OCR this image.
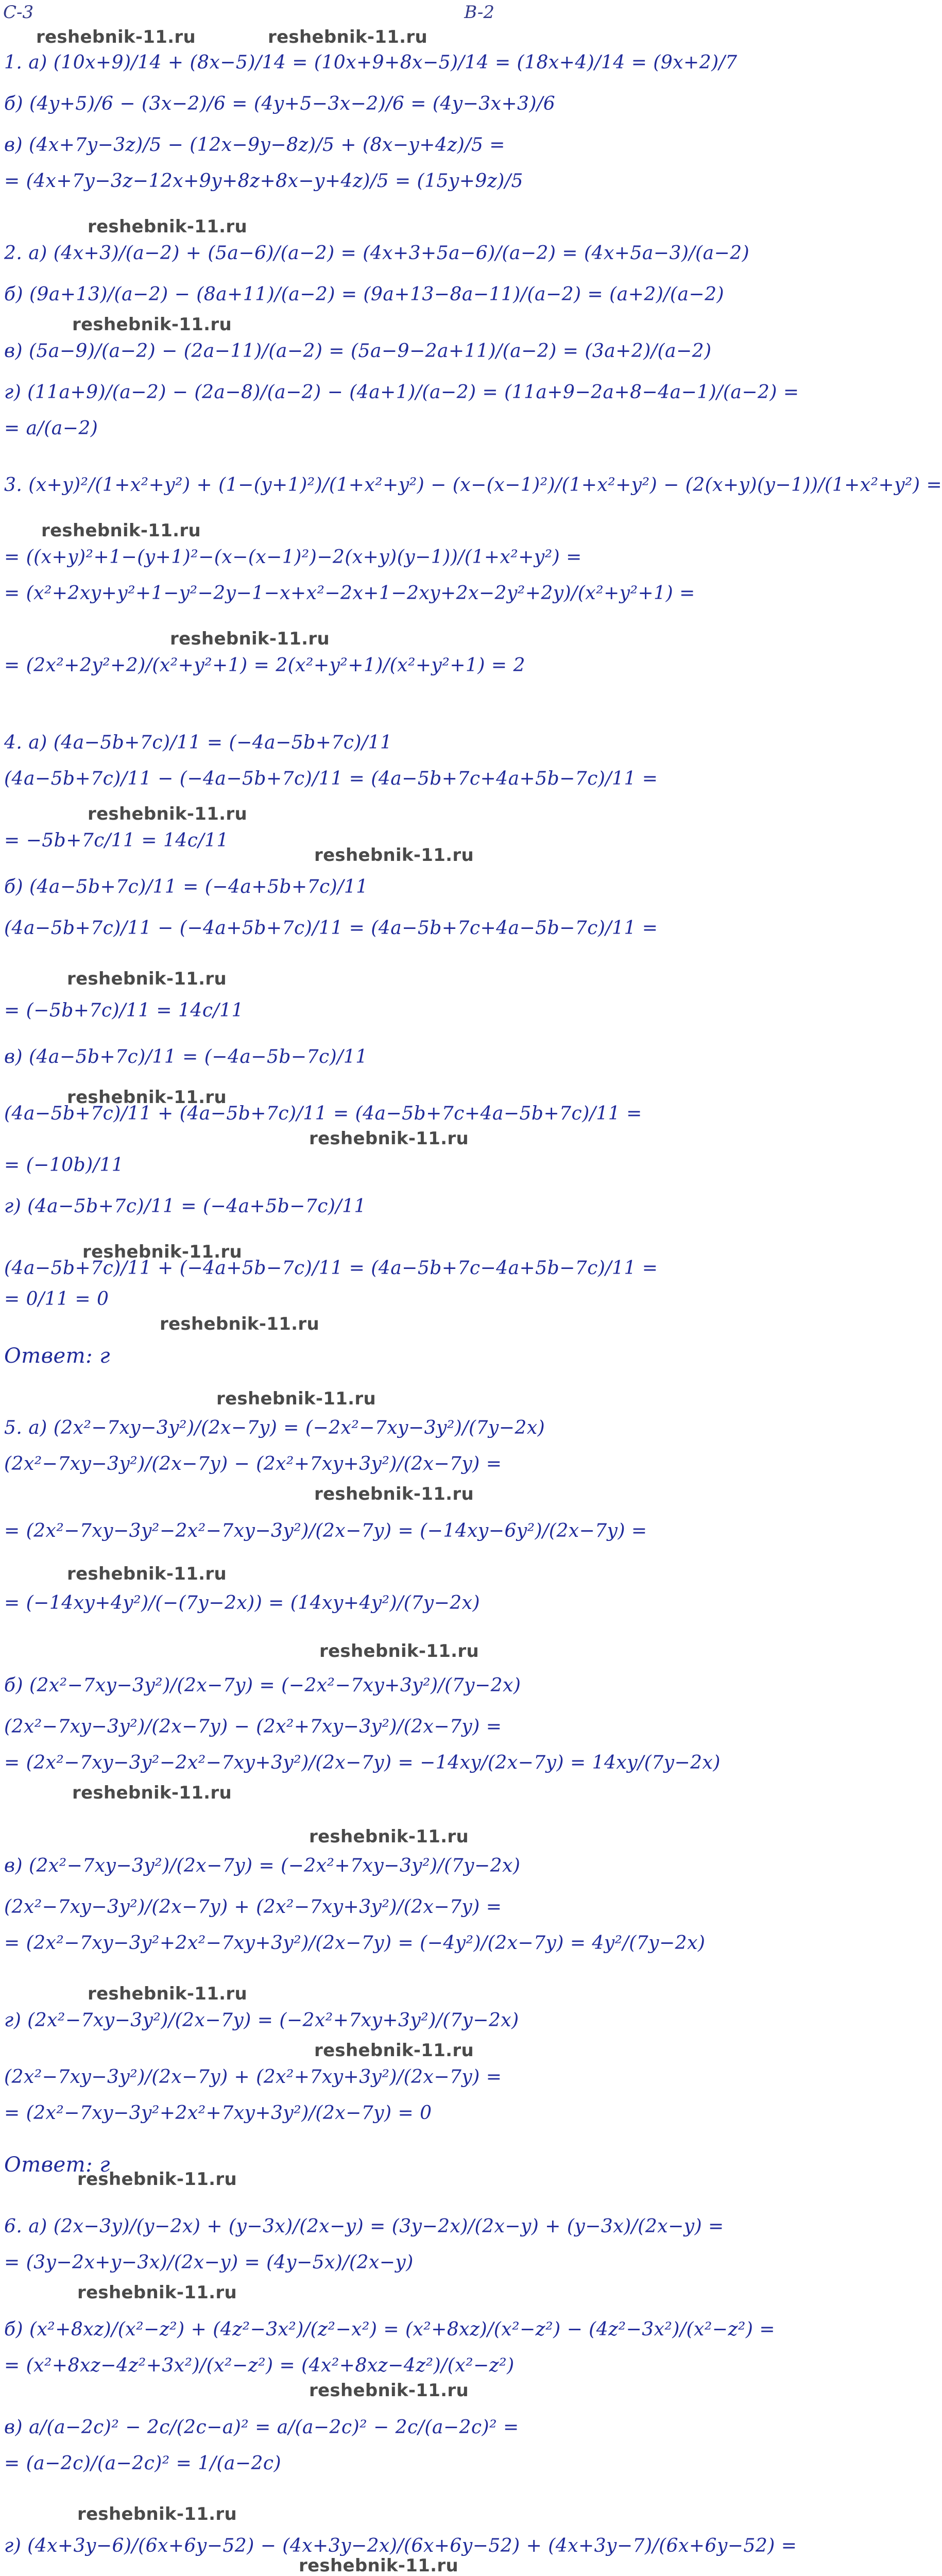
C-3	B-2
reshebnik-11.ru	reshebnik-11.ru
reshebnik-11.ru
reshebnik-11.ru
reshebnik-11.ru
reshebnik-11.ru
reshebnik-11.ru
reshebnik-11.ru
reshebnik-11.ru
reshebnik-11.ru
reshebnik-11.ru
reshebnik-11.ru
reshebnik-11.ru
reshebnik-11.ru
reshebnik-11.ru
reshebnik-11.ru
reshebnik-11.ru
reshebnik-11.ru
reshebnik-11.ru
reshebnik-11.ru
reshebnik-11.ru
reshebnik-11.ru
reshebnik-11.ru
reshebnik-11.ru
reshebnik-11.ru
reshebnik-11.ru
1. а) (10x+9)/14 + (8x−5)/14 = (10x+9+8x−5)/14 = (18x+4)/14 = (9x+2)/7
б) (4y+5)/6 − (3x−2)/6 = (4y+5−3x−2)/6 = (4y−3x+3)/6
в) (4x+7y−3z)/5 − (12x−9y−8z)/5 + (8x−y+4z)/5 =
= (4x+7y−3z−12x+9y+8z+8x−y+4z)/5 = (15y+9z)/5
2. а) (4x+3)/(a−2) + (5a−6)/(a−2) = (4x+3+5a−6)/(a−2) = (4x+5a−3)/(a−2)
б) (9a+13)/(a−2) − (8a+11)/(a−2) = (9a+13−8a−11)/(a−2) = (a+2)/(a−2)
в) (5a−9)/(a−2) − (2a−11)/(a−2) = (5a−9−2a+11)/(a−2) = (3a+2)/(a−2)
г) (11a+9)/(a−2) − (2a−8)/(a−2) − (4a+1)/(a−2) = (11a+9−2a+8−4a−1)/(a−2) =
= a/(a−2)
3. (x+y)²/(1+x²+y²) + (1−(y+1)²)/(1+x²+y²) − (x−(x−1)²)/(1+x²+y²) − (2(x+y)(y−1))/(1+x²+y²) =
= ((x+y)²+1−(y+1)²−(x−(x−1)²)−2(x+y)(y−1))/(1+x²+y²) =
= (x²+2xy+y²+1−y²−2y−1−x+x²−2x+1−2xy+2x−2y²+2y)/(x²+y²+1) =
= (2x²+2y²+2)/(x²+y²+1) = 2(x²+y²+1)/(x²+y²+1) = 2
4. а) (4a−5b+7c)/11 = (−4a−5b+7c)/11
(4a−5b+7c)/11 − (−4a−5b+7c)/11 = (4a−5b+7c+4a+5b−7c)/11 =
= −5b+7c/11 = 14c/11
б) (4a−5b+7c)/11 = (−4a+5b+7c)/11
(4a−5b+7c)/11 − (−4a+5b+7c)/11 = (4a−5b+7c+4a−5b−7c)/11 =
= (−5b+7c)/11 = 14c/11
в) (4a−5b+7c)/11 = (−4a−5b−7c)/11
(4a−5b+7c)/11 + (4a−5b+7c)/11 = (4a−5b+7c+4a−5b+7c)/11 =
= (−10b)/11
г) (4a−5b+7c)/11 = (−4a+5b−7c)/11
(4a−5b+7c)/11 + (−4a+5b−7c)/11 = (4a−5b+7c−4a+5b−7c)/11 =
= 0/11 = 0
Ответ: г
5. а) (2x²−7xy−3y²)/(2x−7y) = (−2x²−7xy−3y²)/(7y−2x)
(2x²−7xy−3y²)/(2x−7y) − (2x²+7xy+3y²)/(2x−7y) =
= (2x²−7xy−3y²−2x²−7xy−3y²)/(2x−7y) = (−14xy−6y²)/(2x−7y) =
= (−14xy+4y²)/(−(7y−2x)) = (14xy+4y²)/(7y−2x)
б) (2x²−7xy−3y²)/(2x−7y) = (−2x²−7xy+3y²)/(7y−2x)
(2x²−7xy−3y²)/(2x−7y) − (2x²+7xy−3y²)/(2x−7y) =
= (2x²−7xy−3y²−2x²−7xy+3y²)/(2x−7y) = −14xy/(2x−7y) = 14xy/(7y−2x)
в) (2x²−7xy−3y²)/(2x−7y) = (−2x²+7xy−3y²)/(7y−2x)
(2x²−7xy−3y²)/(2x−7y) + (2x²−7xy+3y²)/(2x−7y) =
= (2x²−7xy−3y²+2x²−7xy+3y²)/(2x−7y) = (−4y²)/(2x−7y) = 4y²/(7y−2x)
г) (2x²−7xy−3y²)/(2x−7y) = (−2x²+7xy+3y²)/(7y−2x)
(2x²−7xy−3y²)/(2x−7y) + (2x²+7xy+3y²)/(2x−7y) =
= (2x²−7xy−3y²+2x²+7xy+3y²)/(2x−7y) = 0
Ответ: г
6. а) (2x−3y)/(y−2x) + (y−3x)/(2x−y) = (3y−2x)/(2x−y) + (y−3x)/(2x−y) =
= (3y−2x+y−3x)/(2x−y) = (4y−5x)/(2x−y)
б) (x²+8xz)/(x²−z²) + (4z²−3x²)/(z²−x²) = (x²+8xz)/(x²−z²) − (4z²−3x²)/(x²−z²) =
= (x²+8xz−4z²+3x²)/(x²−z²) = (4x²+8xz−4z²)/(x²−z²)
в) a/(a−2c)² − 2c/(2c−a)² = a/(a−2c)² − 2c/(a−2c)² =
= (a−2c)/(a−2c)² = 1/(a−2c)
г) (4x+3y−6)/(6x+6y−52) − (4x+3y−2x)/(6x+6y−52) + (4x+3y−7)/(6x+6y−52) =
